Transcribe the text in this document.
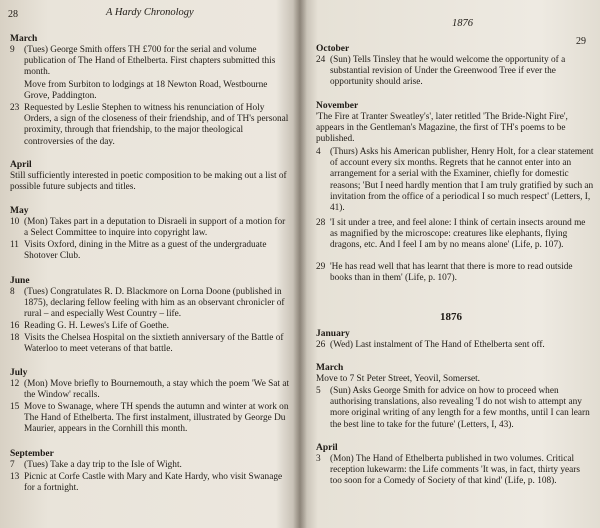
28	A Hardy Chronology
March
9	(Tues) George Smith offers TH £700 for the serial and volume publication of The Hand of Ethelberta. First chapters submitted this month.
Move from Surbiton to lodgings at 18 Newton Road, Westbourne Grove, Paddington.
23 Requested by Leslie Stephen to witness his renunciation of Holy Orders, a sign of the closeness of their friendship, and of TH's personal proximity, through that friendship, to the major theological controversies of the day.
April
Still sufficiently interested in poetic composition to be making out a list of possible future subjects and titles.
May
10 (Mon) Takes part in a deputation to Disraeli in support of a motion for a Select Committee to inquire into copyright law.
11 Visits Oxford, dining in the Mitre as a guest of the undergraduate Shotover Club.
June
8	(Tues) Congratulates R. D. Blackmore on Lorna Doone (published in 1875), declaring fellow feeling with him as an observant chronicler of rural – and especially West Country – life.
16 Reading G. H. Lewes's Life of Goethe.
18 Visits the Chelsea Hospital on the sixtieth anniversary of the Battle of Waterloo to meet veterans of that battle.
July
12 (Mon) Move briefly to Bournemouth, a stay which the poem 'We Sat at the Window' recalls.
15 Move to Swanage, where TH spends the autumn and winter at work on The Hand of Ethelberta. The first instalment, illustrated by George Du Maurier, appears in the Cornhill this month.
September
7	(Tues) Take a day trip to the Isle of Wight.
13 Picnic at Corfe Castle with Mary and Kate Hardy, who visit Swanage for a fortnight.
1876
29
October
24 (Sun) Tells Tinsley that he would welcome the opportunity of a substantial revision of Under the Greenwood Tree if ever the opportunity should arise.
November
'The Fire at Tranter Sweatley's', later retitled 'The Bride-Night Fire', appears in the Gentleman's Magazine, the first of TH's poems to be published.
4	(Thurs) Asks his American publisher, Henry Holt, for a clear statement of account every six months. Regrets that he cannot enter into an arrangement for a serial with the Examiner, chiefly for domestic reasons; 'But I need hardly mention that I am truly gratified by such an invitation from the office of a periodical I so much respect' (Letters, I, 41).
28 'I sit under a tree, and feel alone: I think of certain insects around me as magnified by the microscope: creatures like elephants, flying dragons, etc. And I feel I am by no means alone' (Life, p. 107).
29 'He has read well that has learnt that there is more to read outside books than in them' (Life, p. 107).
1876
January
26 (Wed) Last instalment of The Hand of Ethelberta sent off.
March
Move to 7 St Peter Street, Yeovil, Somerset.
5	(Sun) Asks George Smith for advice on how to proceed when authorising translations, also revealing 'I do not wish to attempt any more original writing of any length for a few months, until I can learn the best line to take for the future' (Letters, I, 43).
April
3	(Mon) The Hand of Ethelberta published in two volumes. Critical reception lukewarm: the Life comments 'It was, in fact, thirty years too soon for a Comedy of Society of that kind' (Life, p. 108).
